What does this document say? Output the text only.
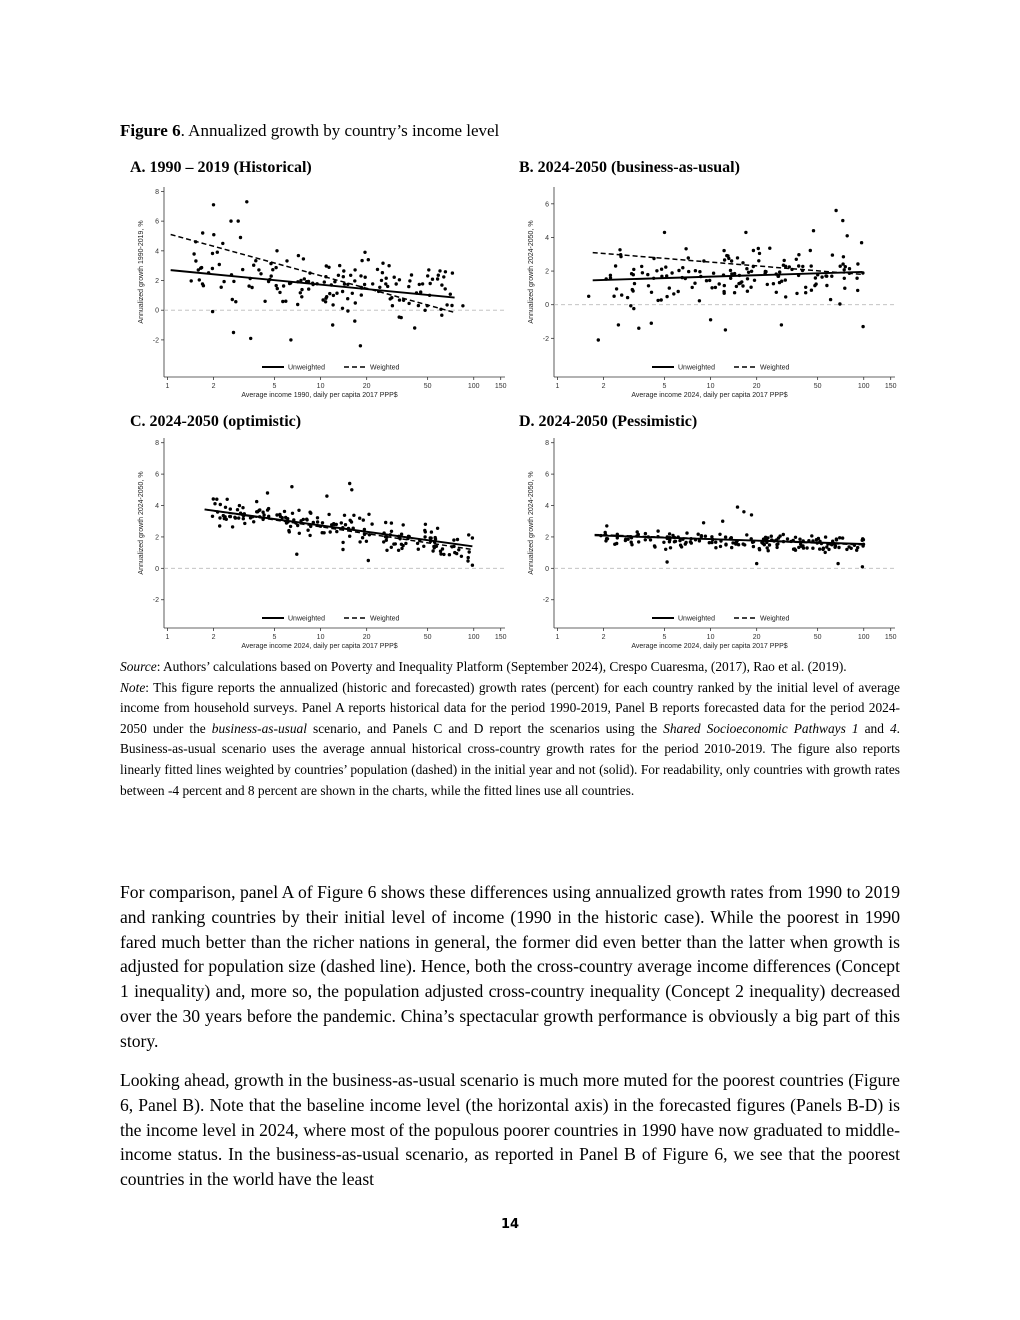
Figure 6. Annualized growth by country’s income level
A. 1990 – 2019 (Historical)	B. 2024-2050 (business-as-usual)
C. 2024-2050 (optimistic)	D. 2024-2050 (Pessimistic)
-2
0
2
4
6
8
1	2	5	10	20	50	100 150
Average income 1990, daily per capita 2017 PPP$
Annualized growth 1990-2019, %
Unweighted	Weighted
-2
0
2
4
6
1	2	5	10	20	50	100 150
Average income 2024, daily per capita 2017 PPP$
Annualized growth 2024-2050, %
Unweighted	Weighted
-2
0
2
4
6
8
1	2	5	10	20	50	100 150
Average income 2024, daily per capita 2017 PPP$
Annualized growth 2024-2050, %
Unweighted	Weighted
-2
0
2
4
6
8
1	2	5	10	20	50	100 150
Average income 2024, daily per capita 2017 PPP$
Annualized growth 2024-2050, %
Unweighted	Weighted

Source: Authors’ calculations based on Poverty and Inequality Platform (September 2024), Crespo Cuaresma, (2017), Rao et al. (2019).

Note: This figure reports the annualized (historic and forecasted) growth rates (percent) for each country ranked by the initial level of average income from household surveys. Panel A reports historical data for the period 1990-2019, Panel B reports forecasted data for the period 2024-2050 under the business-as-usual scenario, and Panels C and D report the scenarios using the Shared Socioeconomic Pathways 1 and 4. Business-as-usual scenario uses the average annual historical cross-country growth rates for the period 2010-2019. The figure also reports linearly fitted lines weighted by countries’ population (dashed) in the initial year and not (solid). For readability, only countries with growth rates between -4 percent and 8 percent are shown in the charts, while the fitted lines use all countries.

For comparison, panel A of Figure 6 shows these differences using annualized growth rates from 1990 to 2019 and ranking countries by their initial level of income (1990 in the historic case). While the poorest in 1990 fared much better than the richer nations in general, the former did even better than the latter when growth is adjusted for population size (dashed line). Hence, both the cross-country average income differences (Concept 1 inequality) and, more so, the population adjusted cross-country inequality (Concept 2 inequality) decreased over the 30 years before the pandemic. China’s spectacular growth performance is obviously a big part of this story.

Looking ahead, growth in the business-as-usual scenario is much more muted for the poorest countries (Figure 6, Panel B). Note that the baseline income level (the horizontal axis) in the forecasted figures (Panels B-D) is the income level in 2024, where most of the populous poorer countries in 1990 have now graduated to middle-income status. In the business-as-usual scenario, as reported in Panel B of Figure 6, we see that the poorest countries in the world have the least

14
